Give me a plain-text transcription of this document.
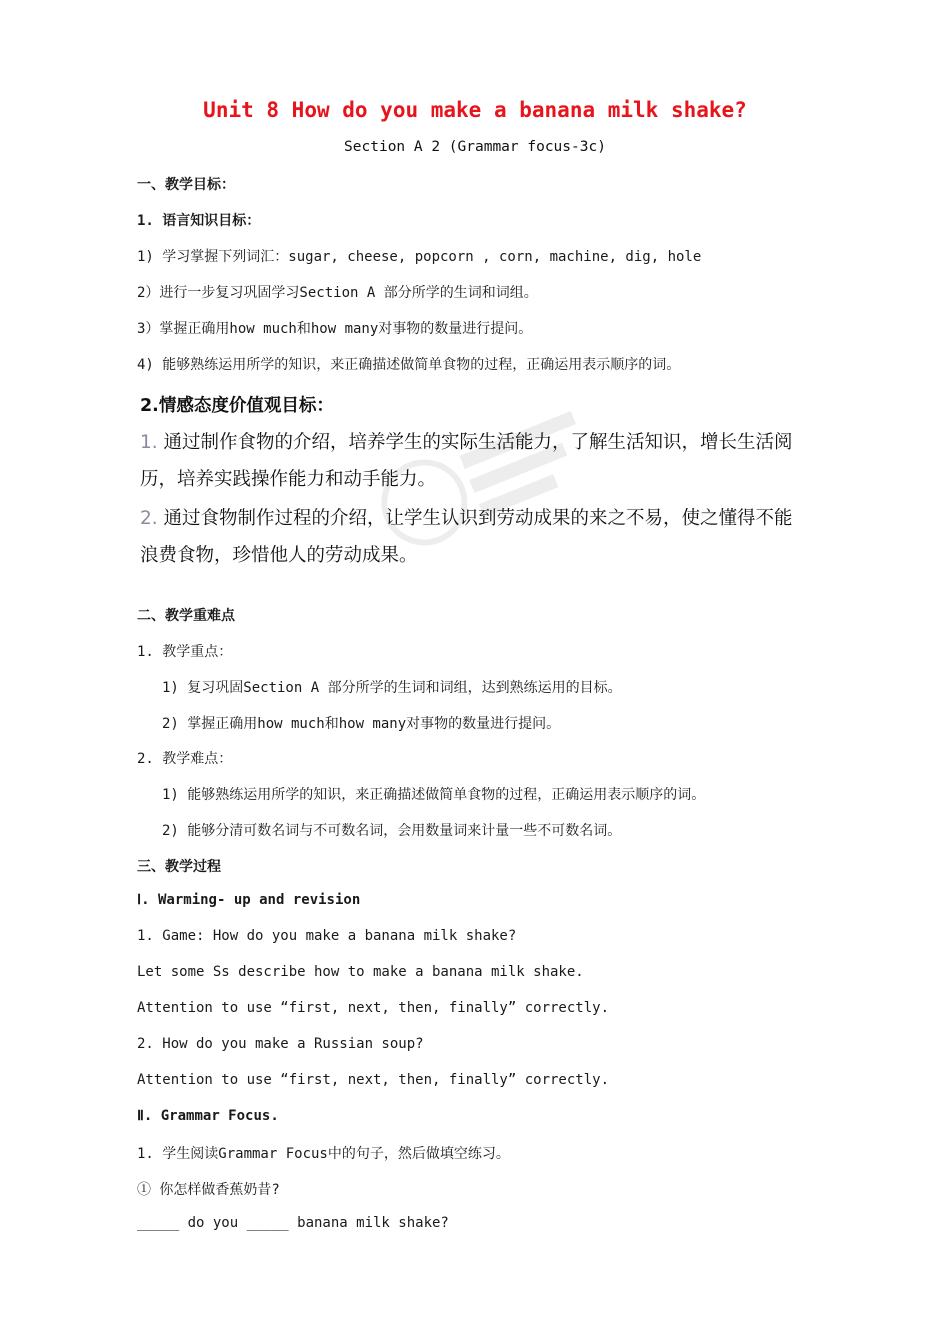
Unit 8 How do you make a banana milk shake?
Section A 2 (Grammar focus-3c)
一、教学目标：
1. 语言知识目标：
1) 学习掌握下列词汇：sugar, cheese, popcorn , corn, machine, dig, hole
2）进行一步复习巩固学习Section A 部分所学的生词和词组。
3）掌握正确用how much和how many对事物的数量进行提问。
4) 能够熟练运用所学的知识，来正确描述做简单食物的过程，正确运用表示顺序的词。
2.情感态度价值观目标：
1. 通过制作食物的介绍，培养学生的实际生活能力，了解生活知识，增长生活阅
历，培养实践操作能力和动手能力。
2. 通过食物制作过程的介绍，让学生认识到劳动成果的来之不易，使之懂得不能
浪费食物，珍惜他人的劳动成果。
二、教学重难点
1. 教学重点：
1) 复习巩固Section A 部分所学的生词和词组，达到熟练运用的目标。
2) 掌握正确用how much和how many对事物的数量进行提问。
2. 教学难点：
1) 能够熟练运用所学的知识，来正确描述做简单食物的过程，正确运用表示顺序的词。
2) 能够分清可数名词与不可数名词，会用数量词来计量一些不可数名词。
三、教学过程
Ⅰ. Warming- up and revision
1. Game: How do you make a banana milk shake?
Let some Ss describe how to make a banana milk shake.
Attention to use “first, next, then, finally” correctly.
2. How do you make a Russian soup?
Attention to use “first, next, then, finally” correctly.
Ⅱ. Grammar Focus.
1. 学生阅读Grammar Focus中的句子，然后做填空练习。
① 你怎样做香蕉奶昔?
_____ do you _____ banana milk shake?
